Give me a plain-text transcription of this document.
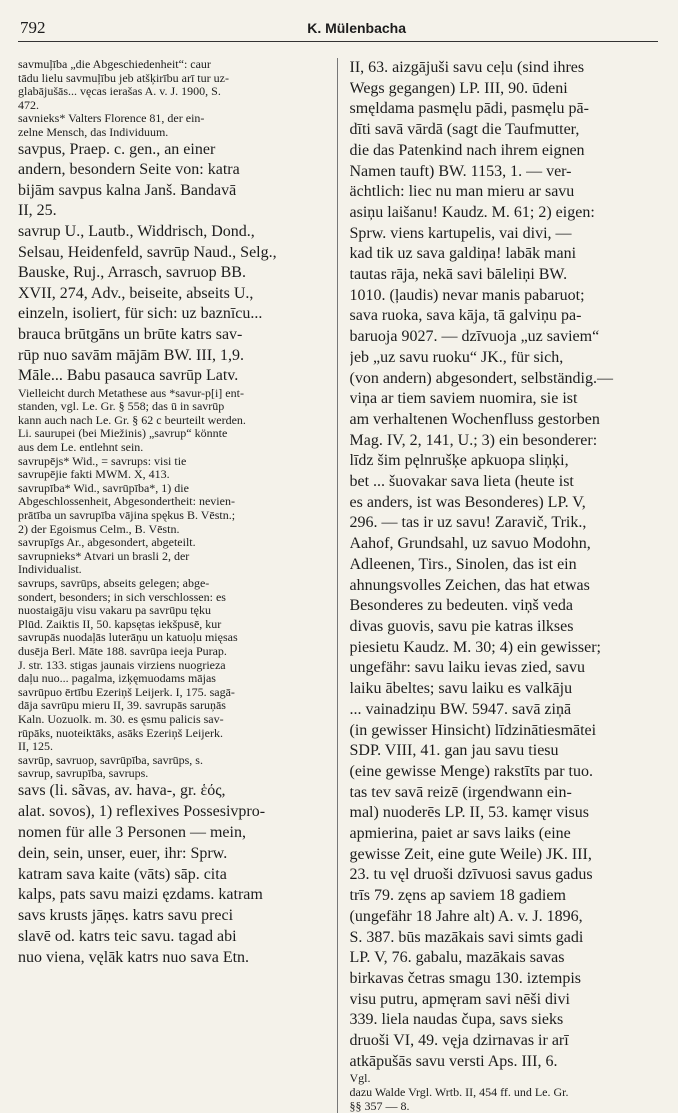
792	K. Mülenbacha

savmuļība „die Abgeschiedenheit“: caur

tādu lielu savmuļību jeb atšķirību arī tur uz-

glabājušās... vęcas ierašas A. v. J. 1900, S.

472.

savnieks* Valters Florence 81, der ein-

zelne Mensch, das Individuum.

savpus, Praep. c. gen., an einer

andern, besondern Seite von: katra

bijām savpus kalna Janš. Bandavā

II, 25.

savrup U., Lautb., Widdrisch, Dond.,

Selsau, Heidenfeld, savrūp Naud., Selg.,

Bauske, Ruj., Arrasch, savruop BB.

XVII, 274, Adv., beiseite, abseits U.,

einzeln, isoliert, für sich: uz baznīcu...

brauca brūtgāns un brūte katrs sav-

rūp nuo savām mājām BW. III, 1,9.

Māle... Babu pasauca savrūp Latv.

Vielleicht durch Metathese aus *savur-p[i] ent-

standen, vgl. Le. Gr. § 558; das ū in savrūp

kann auch nach Le. Gr. § 62 c beurteilt werden.

Li. saurupei (bei Miežinis) „savrup“ könnte

aus dem Le. entlehnt sein.

savrupējs* Wid., = savrups: visi tie

savrupējie fakti MWM. X, 413.

savrupība* Wid., savrūpība*, 1) die

Abgeschlossenheit, Abgesondertheit: nevien-

prātība un savrupība vājina spękus B. Vēstn.;

2) der Egoismus Celm., B. Vēstn.

savrupīgs Ar., abgesondert, abgeteilt.

savrupnieks* Atvari un brasli 2, der

Individualist.

savrups, savrūps, abseits gelegen; abge-

sondert, besonders; in sich verschlossen: es

nuostaigāju visu vakaru pa savrūpu tęku

Plūd. Zaiktis II, 50. kapsętas iekšpusē, kur

savrupās nuodaļās luterāņu un katuoļu mięsas

dusēja Berl. Māte 188. savrūpa ieeja Purap.

J. str. 133. stigas jaunais virziens nuogrieza

daļu nuo... pagalma, izķęmuodams mājas

savrūpuo ērtību Ezeriņš Leijerk. I, 175. sagā-

dāja savrūpu mieru II, 39. savrupās saruņās

Kaln. Uozuolk. m. 30. es ęsmu palicis sav-

rūpāks, nuoteiktāks, asāks Ezeriņš Leijerk.

II, 125.

savrūp, savruop, savrūpība, savrūps, s.

savrup, savrupība, savrups.

savs (li. sãvas, av. hava-, gr. ἑός,

alat. sovos), 1) reflexives Possesivpro-

nomen für alle 3 Personen — mein,

dein, sein, unser, euer, ihr: Sprw.

katram sava kaite (vāts) sāp. cita

kalps, pats savu maizi ęzdams. katram

savs krusts jāņęs. katrs savu preci

slavē od. katrs teic savu. tagad abi

nuo viena, vęlāk katrs nuo sava Etn.

II, 63. aizgājuši savu ceļu (sind ihres

Wegs gegangen) LP. III, 90. ūdeni

smęldama pasmęlu pādi, pasmęlu pā-

dīti savā vārdā (sagt die Taufmutter,

die das Patenkind nach ihrem eignen

Namen tauft) BW. 1153, 1. — ver-

ächtlich: liec nu man mieru ar savu

asiņu laišanu! Kaudz. M. 61; 2) eigen:

Sprw. viens kartupelis, vai divi, —

kad tik uz sava galdiņa! labāk mani

tautas rāja, nekā savi bāleliņi BW.

1010. (ļaudis) nevar manis pabaruot;

sava ruoka, sava kāja, tā galviņu pa-

baruoja 9027. — dzīvuoja „uz saviem“

jeb „uz savu ruoku“ JK., für sich,

(von andern) abgesondert, selbständig.—

viņa ar tiem saviem nuomira, sie ist

am verhaltenen Wochenfluss gestorben

Mag. IV, 2, 141, U.; 3) ein besonderer:

līdz šim pęlnrušķe apkuopa sliņķi,

bet ... šuovakar sava lieta (heute ist

es anders, ist was Besonderes) LP. V,

296. — tas ir uz savu! Zaravič, Trik.,

Aahof, Grundsahl, uz savuo Modohn,

Adleenen, Tirs., Sinolen, das ist ein

ahnungsvolles Zeichen, das hat etwas

Besonderes zu bedeuten. viņš veda

divas guovis, savu pie katras ilkses

piesietu Kaudz. M. 30; 4) ein gewisser;

ungefähr: savu laiku ievas zied, savu

laiku ābeltes; savu laiku es valkāju

... vainadziņu BW. 5947. savā ziņā

(in gewisser Hinsicht) līdzinātiesmātei

SDP. VIII, 41. gan jau savu tiesu

(eine gewisse Menge) rakstīts par tuo.

tas tev savā reizē (irgendwann ein-

mal) nuoderēs LP. II, 53. kamęr visus

apmierina, paiet ar savs laiks (eine

gewisse Zeit, eine gute Weile) JK. III,

23. tu vęl druoši dzīvuosi savus gadus

trīs 79. zęns ap saviem 18 gadiem

(ungefähr 18 Jahre alt) A. v. J. 1896,

S. 387. būs mazākais savi simts gadi

LP. V, 76. gabalu, mazākais savas

birkavas četras smagu 130. iztempis

visu putru, apmęram savi nēši divi

339. liela naudas čupa, savs sieks

druoši VI, 49. vęja dzirnavas ir arī

atkāpušās savu versti Aps. III, 6.

Vgl.

dazu Walde Vrgl. Wrtb. II, 454 ff. und Le. Gr.

§§ 357 — 8.
